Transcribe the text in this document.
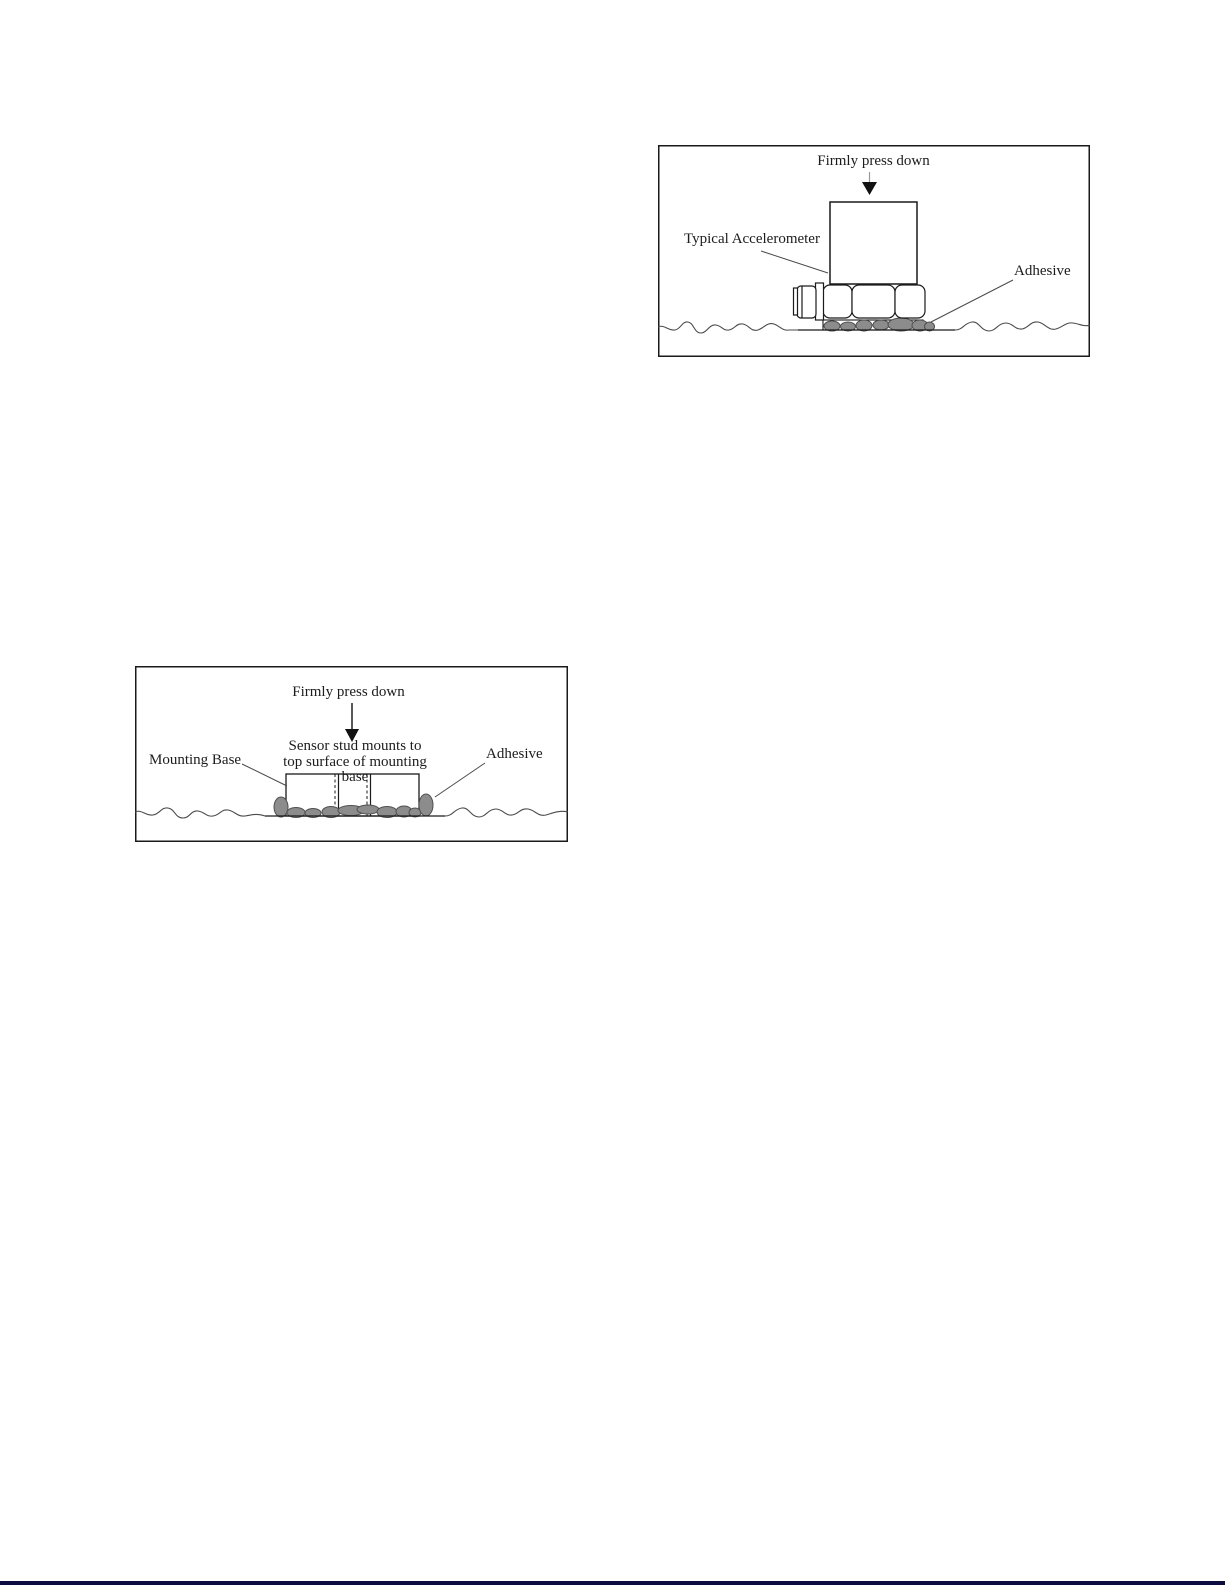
Firmly press down
Typical Accelerometer
Adhesive
Firmly press down
Sensor stud mounts to top surface of mounting base
Mounting Base	Adhesive
